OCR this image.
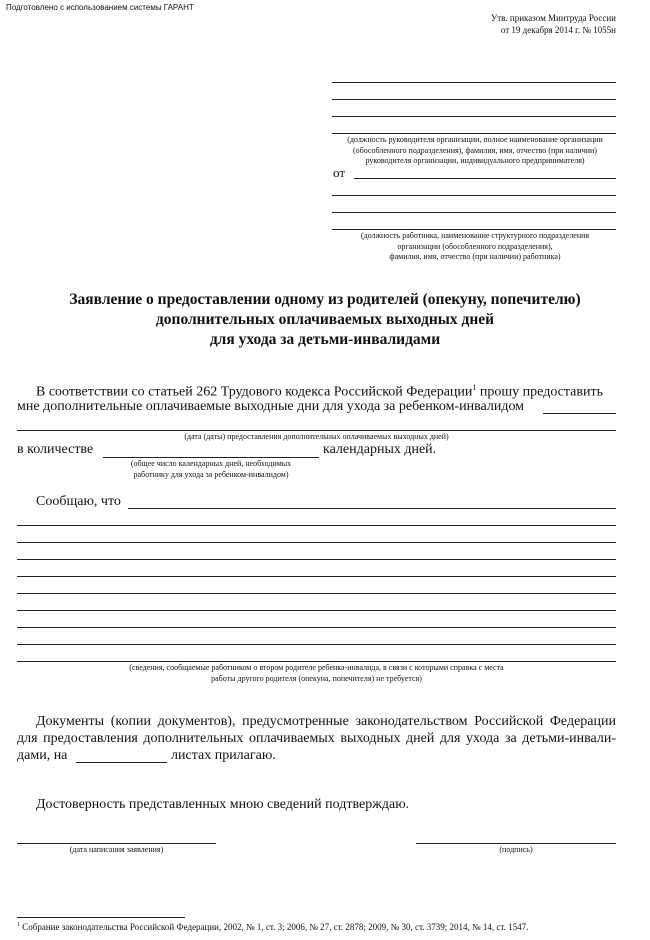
Подготовлено с использованием системы ГАРАНТ
Утв. приказом Минтруда России
от 19 декабря 2014 г. № 1055н
(должность руководителя организации, полное наименование организации
(обособленного подразделения), фамилия, имя, отчество (при наличии)
руководителя организации, индивидуального предпринимателя)
от
(должность работника, наименование структурного подразделения
организации (обособленного подразделения),
фамилия, имя, отчество (при наличии) работника)
Заявление о предоставлении одному из родителей (опекуну, попечителю)
дополнительных оплачиваемых выходных дней
для ухода за детьми-инвалидами
В соответствии со статьей 262 Трудового кодекса Российской Федерации$^1$ прошу предоставить
мне дополнительные оплачиваемые выходные дни для ухода за ребенком-инвалидом
(дата (даты) предоставления дополнительных оплачиваемых выходных дней)
в количестве	календарных дней.
(общее число календарных дней, необходимых
работнику для ухода за ребенком-инвалидом)
Сообщаю, что
(сведения, сообщаемые работником о втором родителе ребенка-инвалида, в связи с которыми справка с места
работы другого родителя (опекуна, попечителя) не требуется)
Документы (копии документов), предусмотренные законодательством Российской Федерации
для предоставления дополнительных оплачиваемых выходных дней для ухода за детьми-инвали-
дами, на	листах прилагаю.
Достоверность представленных мною сведений подтверждаю.
(дата написания заявления)	(подпись)
$^1$ Собрание законодательства Российской Федерации, 2002, № 1, ст. 3; 2006, № 27, ст. 2878; 2009, № 30, ст. 3739; 2014, № 14, ст. 1547.
